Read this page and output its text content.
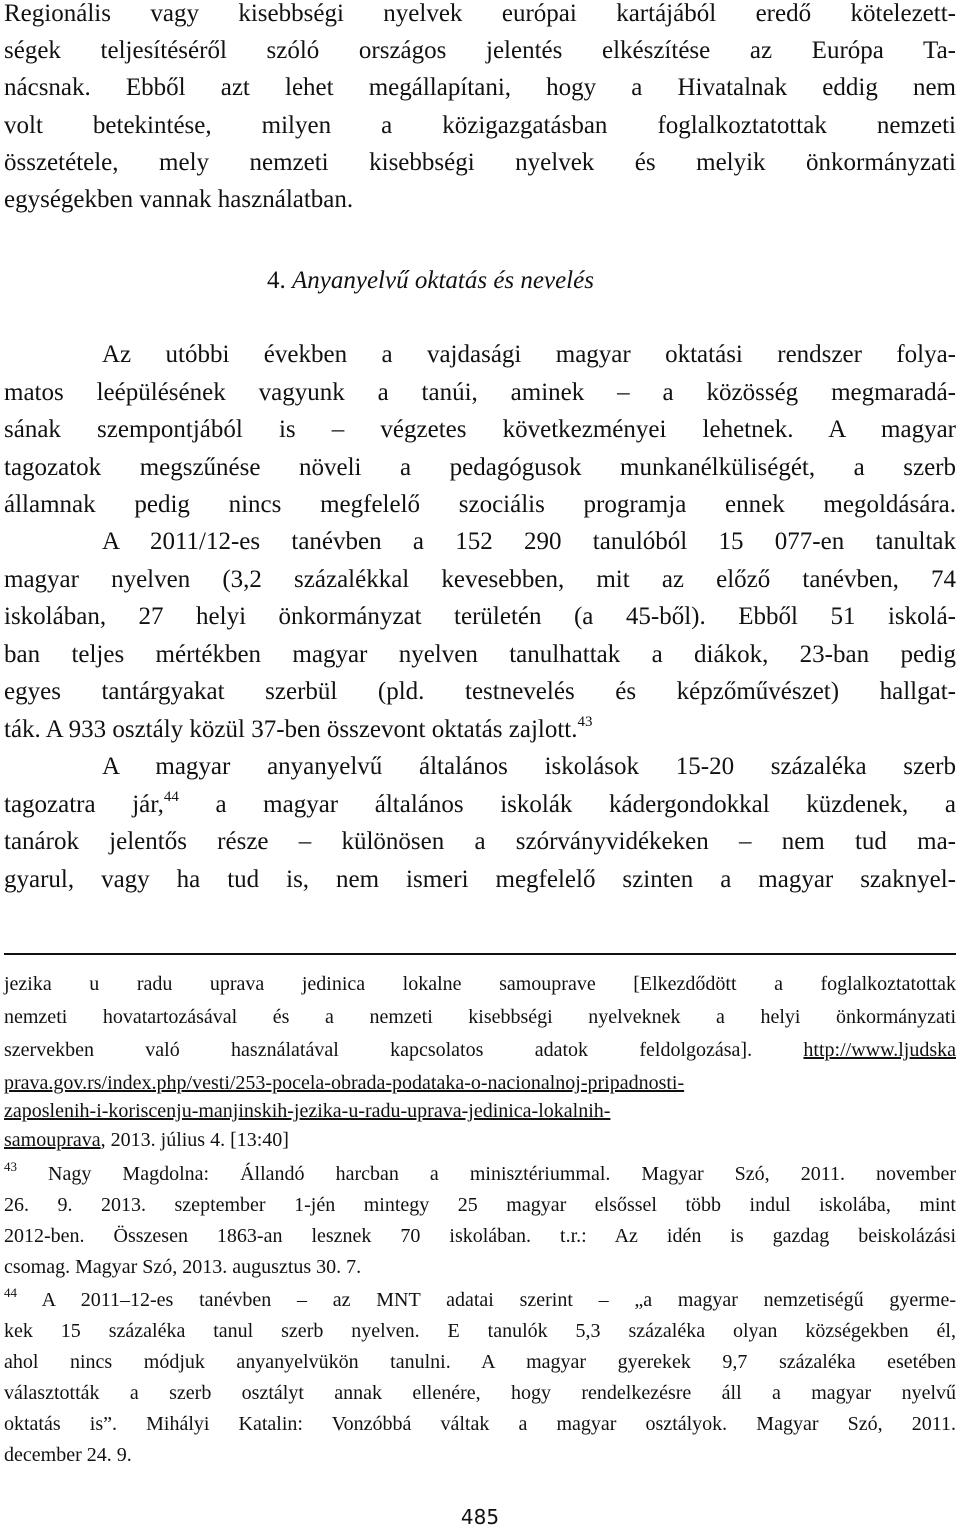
Regionális vagy kisebbségi nyelvek európai kartájából eredő kötelezett-
ségek teljesítéséről szóló országos jelentés elkészítése az Európa Ta-
nácsnak. Ebből azt lehet megállapítani, hogy a Hivatalnak eddig nem
volt betekintése, milyen a közigazgatásban foglalkoztatottak nemzeti
összetétele, mely nemzeti kisebbségi nyelvek és melyik önkormányzati
egységekben vannak használatban.
4. Anyanyelvű oktatás és nevelés
Az utóbbi években a vajdasági magyar oktatási rendszer folya-
matos leépülésének vagyunk a tanúi, aminek – a közösség megmaradá-
sának szempontjából is – végzetes következményei lehetnek. A magyar
tagozatok megszűnése növeli a pedagógusok munkanélküliségét, a szerb
államnak pedig nincs megfelelő szociális programja ennek megoldására.
A 2011/12-es tanévben a 152 290 tanulóból 15 077-en tanultak
magyar nyelven (3,2 százalékkal kevesebben, mit az előző tanévben, 74
iskolában, 27 helyi önkormányzat területén (a 45-ből). Ebből 51 iskolá-
ban teljes mértékben magyar nyelven tanulhattak a diákok, 23-ban pedig
egyes tantárgyakat szerbül (pld. testnevelés és képzőművészet) hallgat-
ták. A 933 osztály közül 37-ben összevont oktatás zajlott.$^{43}$
A magyar anyanyelvű általános iskolások 15-20 százaléka szerb
tagozatra jár,$^{44}$ a magyar általános iskolák kádergondokkal küzdenek, a
tanárok jelentős része – különösen a szórványvidékeken – nem tud ma-
gyarul, vagy ha tud is, nem ismeri megfelelő szinten a magyar szaknyel-
jezika u radu uprava jedinica lokalne samouprave [Elkezdődött a foglalkoztatottak
nemzeti hovatartozásával és a nemzeti kisebbségi nyelveknek a helyi önkormányzati
szervekben való használatával kapcsolatos adatok feldolgozása]. http://www.ljudska
prava.gov.rs/index.php/vesti/253-pocela-obrada-podataka-o-nacionalnoj-pripadnosti-
zaposlenih-i-koriscenju-manjinskih-jezika-u-radu-uprava-jedinica-lokalnih-
samouprava, 2013. július 4. [13:40]
$^{43}$ Nagy Magdolna: Állandó harcban a minisztériummal. Magyar Szó, 2011. november
26. 9. 2013. szeptember 1-jén mintegy 25 magyar elsőssel több indul iskolába, mint
2012-ben. Összesen 1863-an lesznek 70 iskolában. t.r.: Az idén is gazdag beiskolázási
csomag. Magyar Szó, 2013. augusztus 30. 7.
$^{44}$ A 2011–12-es tanévben – az MNT adatai szerint – „a magyar nemzetiségű gyerme-
kek 15 százaléka tanul szerb nyelven. E tanulók 5,3 százaléka olyan községekben él,
ahol nincs módjuk anyanyelvükön tanulni. A magyar gyerekek 9,7 százaléka esetében
választották a szerb osztályt annak ellenére, hogy rendelkezésre áll a magyar nyelvű
oktatás is”. Mihályi Katalin: Vonzóbbá váltak a magyar osztályok. Magyar Szó, 2011.
december 24. 9.
485
